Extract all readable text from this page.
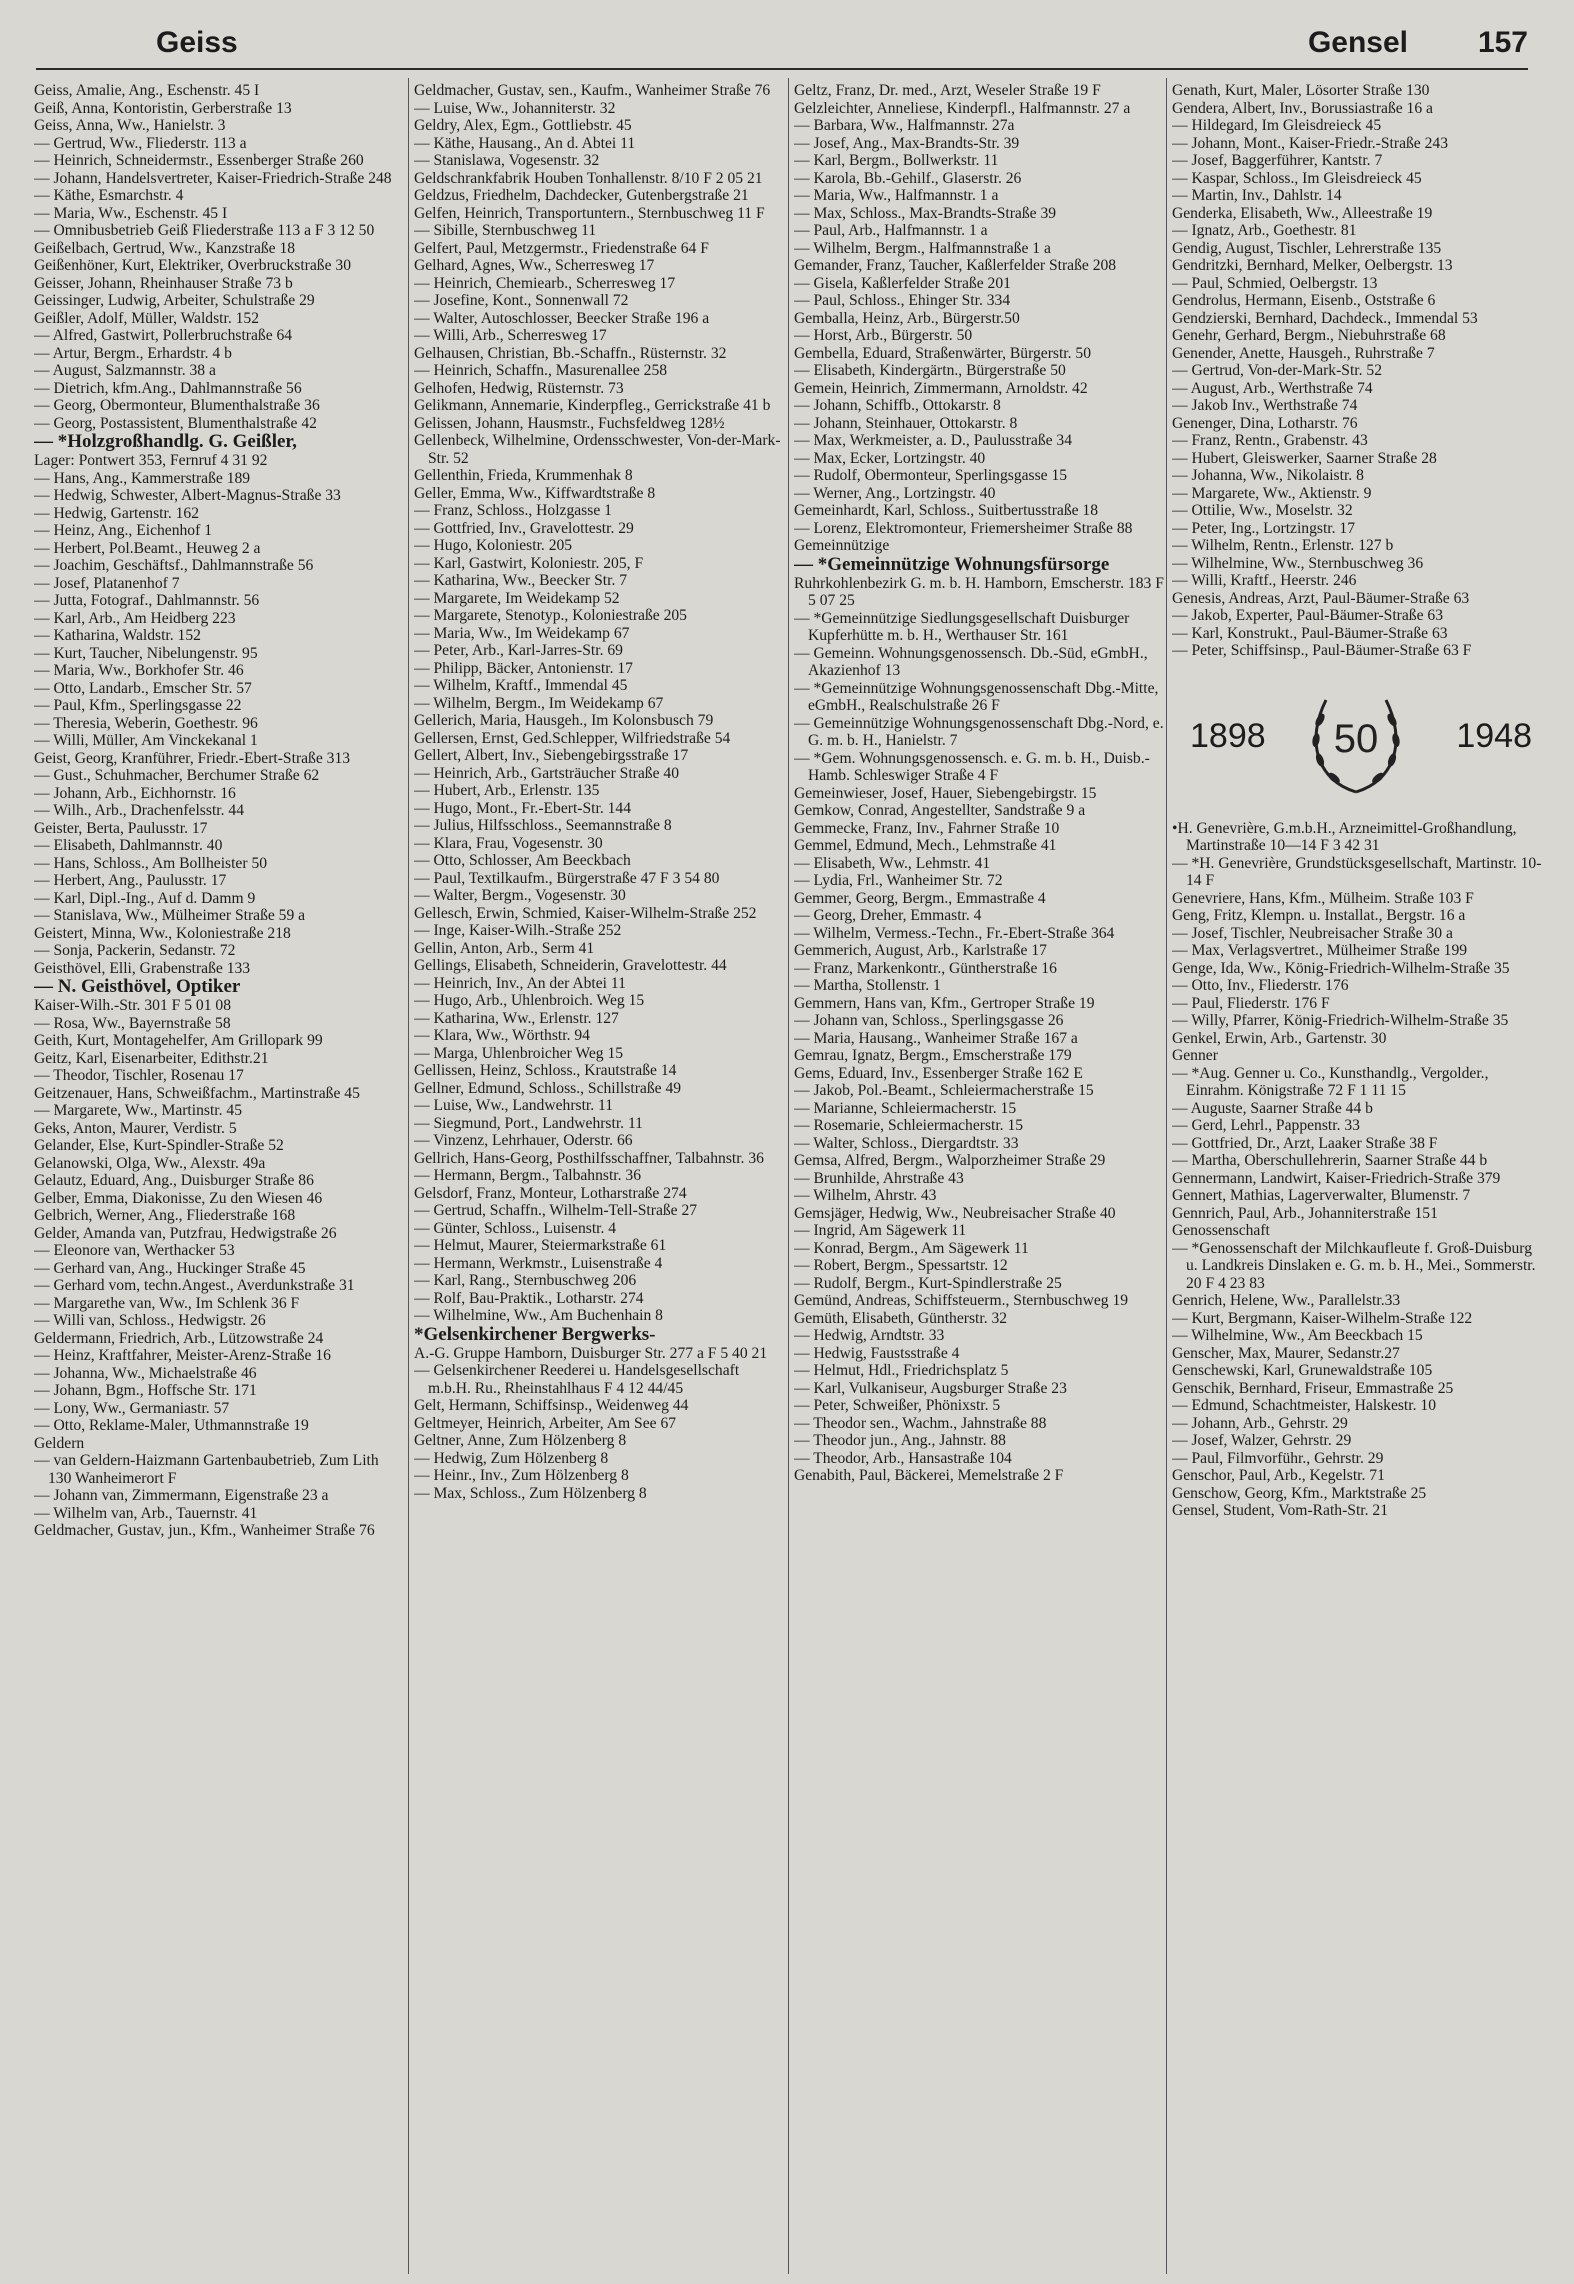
Geiss	Gensel 157

Geiss, Amalie, Ang., Eschenstr. 45 I

Geiß, Anna, Kontoristin, Gerberstraße 13

Geiss, Anna, Ww., Hanielstr. 3

— Gertrud, Ww., Fliederstr. 113 a

— Heinrich, Schneidermstr., Essenberger Straße 260

— Johann, Handelsvertreter, Kaiser-Friedrich-Straße 248

— Käthe, Esmarchstr. 4

— Maria, Ww., Eschenstr. 45 I

— Omnibusbetrieb Geiß Fliederstraße 113 a F 3 12 50

Geißelbach, Gertrud, Ww., Kanzstraße 18

Geißenhöner, Kurt, Elektriker, Overbruckstraße 30

Geisser, Johann, Rheinhauser Straße 73 b

Geissinger, Ludwig, Arbeiter, Schulstraße 29

Geißler, Adolf, Müller, Waldstr. 152

— Alfred, Gastwirt, Pollerbruchstraße 64

— Artur, Bergm., Erhardstr. 4 b

— August, Salzmannstr. 38 a

— Dietrich, kfm.Ang., Dahlmannstraße 56

— Georg, Obermonteur, Blumenthalstraße 36

— Georg, Postassistent, Blumenthalstraße 42

— *Holzgroßhandlg. G. Geißler,

Lager: Pontwert 353, Fernruf 4 31 92

— Hans, Ang., Kammerstraße 189

— Hedwig, Schwester, Albert-Magnus-Straße 33

— Hedwig, Gartenstr. 162

— Heinz, Ang., Eichenhof 1

— Herbert, Pol.Beamt., Heuweg 2 a

— Joachim, Geschäftsf., Dahlmannstraße 56

— Josef, Platanenhof 7

— Jutta, Fotograf., Dahlmannstr. 56

— Karl, Arb., Am Heidberg 223

— Katharina, Waldstr. 152

— Kurt, Taucher, Nibelungenstr. 95

— Maria, Ww., Borkhofer Str. 46

— Otto, Landarb., Emscher Str. 57

— Paul, Kfm., Sperlingsgasse 22

— Theresia, Weberin, Goethestr. 96

— Willi, Müller, Am Vinckekanal 1

Geist, Georg, Kranführer, Friedr.-Ebert-Straße 313

— Gust., Schuhmacher, Berchumer Straße 62

— Johann, Arb., Eichhornstr. 16

— Wilh., Arb., Drachenfelsstr. 44

Geister, Berta, Paulusstr. 17

— Elisabeth, Dahlmannstr. 40

— Hans, Schloss., Am Bollheister 50

— Herbert, Ang., Paulusstr. 17

— Karl, Dipl.-Ing., Auf d. Damm 9

— Stanislava, Ww., Mülheimer Straße 59 a

Geistert, Minna, Ww., Koloniestraße 218

— Sonja, Packerin, Sedanstr. 72

Geisthövel, Elli, Grabenstraße 133

— N. Geisthövel, Optiker

Kaiser-Wilh.-Str. 301 F 5 01 08

— Rosa, Ww., Bayernstraße 58

Geith, Kurt, Montagehelfer, Am Grillopark 99

Geitz, Karl, Eisenarbeiter, Edithstr.21

— Theodor, Tischler, Rosenau 17

Geitzenauer, Hans, Schweißfachm., Martinstraße 45

— Margarete, Ww., Martinstr. 45

Geks, Anton, Maurer, Verdistr. 5

Gelander, Else, Kurt-Spindler-Straße 52

Gelanowski, Olga, Ww., Alexstr. 49a

Gelautz, Eduard, Ang., Duisburger Straße 86

Gelber, Emma, Diakonisse, Zu den Wiesen 46

Gelbrich, Werner, Ang., Fliederstraße 168

Gelder, Amanda van, Putzfrau, Hedwigstraße 26

— Eleonore van, Werthacker 53

— Gerhard van, Ang., Huckinger Straße 45

— Gerhard vom, techn.Angest., Averdunkstraße 31

— Margarethe van, Ww., Im Schlenk 36 F

— Willi van, Schloss., Hedwigstr. 26

Geldermann, Friedrich, Arb., Lützowstraße 24

— Heinz, Kraftfahrer, Meister-Arenz-Straße 16

— Johanna, Ww., Michaelstraße 46

— Johann, Bgm., Hoffsche Str. 171

— Lony, Ww., Germaniastr. 57

— Otto, Reklame-Maler, Uthmannstraße 19

Geldern

— van Geldern-Haizmann Gartenbaubetrieb, Zum Lith 130 Wanheimerort F

— Johann van, Zimmermann, Eigenstraße 23 a

— Wilhelm van, Arb., Tauernstr. 41

Geldmacher, Gustav, jun., Kfm., Wanheimer Straße 76

Geldmacher, Gustav, sen., Kaufm., Wanheimer Straße 76

— Luise, Ww., Johanniterstr. 32

Geldry, Alex, Egm., Gottliebstr. 45

— Käthe, Hausang., An d. Abtei 11

— Stanislawa, Vogesenstr. 32

Geldschrankfabrik Houben Tonhallenstr. 8/10 F 2 05 21

Geldzus, Friedhelm, Dachdecker, Gutenbergstraße 21

Gelfen, Heinrich, Transportuntern., Sternbuschweg 11 F

— Sibille, Sternbuschweg 11

Gelfert, Paul, Metzgermstr., Friedenstraße 64 F

Gelhard, Agnes, Ww., Scherresweg 17

— Heinrich, Chemiearb., Scherresweg 17

— Josefine, Kont., Sonnenwall 72

— Walter, Autoschlosser, Beecker Straße 196 a

— Willi, Arb., Scherresweg 17

Gelhausen, Christian, Bb.-Schaffn., Rüsternstr. 32

— Heinrich, Schaffn., Masurenallee 258

Gelhofen, Hedwig, Rüsternstr. 73

Gelikmann, Annemarie, Kinderpfleg., Gerrickstraße 41 b

Gelissen, Johann, Hausmstr., Fuchsfeldweg 128½

Gellenbeck, Wilhelmine, Ordensschwester, Von-der-Mark-Str. 52

Gellenthin, Frieda, Krummenhak 8

Geller, Emma, Ww., Kiffwardtstraße 8

— Franz, Schloss., Holzgasse 1

— Gottfried, Inv., Gravelottestr. 29

— Hugo, Koloniestr. 205

— Karl, Gastwirt, Koloniestr. 205, F

— Katharina, Ww., Beecker Str. 7

— Margarete, Im Weidekamp 52

— Margarete, Stenotyp., Koloniestraße 205

— Maria, Ww., Im Weidekamp 67

— Peter, Arb., Karl-Jarres-Str. 69

— Philipp, Bäcker, Antonienstr. 17

— Wilhelm, Kraftf., Immendal 45

— Wilhelm, Bergm., Im Weidekamp 67

Gellerich, Maria, Hausgeh., Im Kolonsbusch 79

Gellersen, Ernst, Ged.Schlepper, Wilfriedstraße 54

Gellert, Albert, Inv., Siebengebirgsstraße 17

— Heinrich, Arb., Gartsträucher Straße 40

— Hubert, Arb., Erlenstr. 135

— Hugo, Mont., Fr.-Ebert-Str. 144

— Julius, Hilfsschloss., Seemannstraße 8

— Klara, Frau, Vogesenstr. 30

— Otto, Schlosser, Am Beeckbach

— Paul, Textilkaufm., Bürgerstraße 47 F 3 54 80

— Walter, Bergm., Vogesenstr. 30

Gellesch, Erwin, Schmied, Kaiser-Wilhelm-Straße 252

— Inge, Kaiser-Wilh.-Straße 252

Gellin, Anton, Arb., Serm 41

Gellings, Elisabeth, Schneiderin, Gravelottestr. 44

— Heinrich, Inv., An der Abtei 11

— Hugo, Arb., Uhlenbroich. Weg 15

— Katharina, Ww., Erlenstr. 127

— Klara, Ww., Wörthstr. 94

— Marga, Uhlenbroicher Weg 15

Gellissen, Heinz, Schloss., Krautstraße 14

Gellner, Edmund, Schloss., Schillstraße 49

— Luise, Ww., Landwehrstr. 11

— Siegmund, Port., Landwehrstr. 11

— Vinzenz, Lehrhauer, Oderstr. 66

Gellrich, Hans-Georg, Posthilfsschaffner, Talbahnstr. 36

— Hermann, Bergm., Talbahnstr. 36

Gelsdorf, Franz, Monteur, Lotharstraße 274

— Gertrud, Schaffn., Wilhelm-Tell-Straße 27

— Günter, Schloss., Luisenstr. 4

— Helmut, Maurer, Steiermarkstraße 61

— Hermann, Werkmstr., Luisenstraße 4

— Karl, Rang., Sternbuschweg 206

— Rolf, Bau-Praktik., Lotharstr. 274

— Wilhelmine, Ww., Am Buchenhain 8

*Gelsenkirchener Bergwerks-

A.-G. Gruppe Hamborn, Duisburger Str. 277 a F 5 40 21

— Gelsenkirchener Reederei u. Handelsgesellschaft m.b.H. Ru., Rheinstahlhaus F 4 12 44/45

Gelt, Hermann, Schiffsinsp., Weidenweg 44

Geltmeyer, Heinrich, Arbeiter, Am See 67

Geltner, Anne, Zum Hölzenberg 8

— Hedwig, Zum Hölzenberg 8

— Heinr., Inv., Zum Hölzenberg 8

— Max, Schloss., Zum Hölzenberg 8

Geltz, Franz, Dr. med., Arzt, Weseler Straße 19 F

Gelzleichter, Anneliese, Kinderpfl., Halfmannstr. 27 a

— Barbara, Ww., Halfmannstr. 27a

— Josef, Ang., Max-Brandts-Str. 39

— Karl, Bergm., Bollwerkstr. 11

— Karola, Bb.-Gehilf., Glaserstr. 26

— Maria, Ww., Halfmannstr. 1 a

— Max, Schloss., Max-Brandts-Straße 39

— Paul, Arb., Halfmannstr. 1 a

— Wilhelm, Bergm., Halfmannstraße 1 a

Gemander, Franz, Taucher, Kaßlerfelder Straße 208

— Gisela, Kaßlerfelder Straße 201

— Paul, Schloss., Ehinger Str. 334

Gemballa, Heinz, Arb., Bürgerstr.50

— Horst, Arb., Bürgerstr. 50

Gembella, Eduard, Straßenwärter, Bürgerstr. 50

— Elisabeth, Kindergärtn., Bürgerstraße 50

Gemein, Heinrich, Zimmermann, Arnoldstr. 42

— Johann, Schiffb., Ottokarstr. 8

— Johann, Steinhauer, Ottokarstr. 8

— Max, Werkmeister, a. D., Paulusstraße 34

— Max, Ecker, Lortzingstr. 40

— Rudolf, Obermonteur, Sperlingsgasse 15

— Werner, Ang., Lortzingstr. 40

Gemeinhardt, Karl, Schloss., Suitbertusstraße 18

— Lorenz, Elektromonteur, Friemersheimer Straße 88

Gemeinnützige

— *Gemeinnützige Wohnungsfürsorge

Ruhrkohlenbezirk G. m. b. H. Hamborn, Emscherstr. 183 F 5 07 25

— *Gemeinnützige Siedlungsgesellschaft Duisburger Kupferhütte m. b. H., Werthauser Str. 161

— Gemeinn. Wohnungsgenossensch. Db.-Süd, eGmbH., Akazienhof 13

— *Gemeinnützige Wohnungsgenossenschaft Dbg.-Mitte, eGmbH., Realschulstraße 26 F

— Gemeinnützige Wohnungsgenossenschaft Dbg.-Nord, e. G. m. b. H., Hanielstr. 7

— *Gem. Wohnungsgenossensch. e. G. m. b. H., Duisb.-Hamb. Schleswiger Straße 4 F

Gemeinwieser, Josef, Hauer, Siebengebirgstr. 15

Gemkow, Conrad, Angestellter, Sandstraße 9 a

Gemmecke, Franz, Inv., Fahrner Straße 10

Gemmel, Edmund, Mech., Lehmstraße 41

— Elisabeth, Ww., Lehmstr. 41

— Lydia, Frl., Wanheimer Str. 72

Gemmer, Georg, Bergm., Emmastraße 4

— Georg, Dreher, Emmastr. 4

— Wilhelm, Vermess.-Techn., Fr.-Ebert-Straße 364

Gemmerich, August, Arb., Karlstraße 17

— Franz, Markenkontr., Güntherstraße 16

— Martha, Stollenstr. 1

Gemmern, Hans van, Kfm., Gertroper Straße 19

— Johann van, Schloss., Sperlingsgasse 26

— Maria, Hausang., Wanheimer Straße 167 a

Gemrau, Ignatz, Bergm., Emscherstraße 179

Gems, Eduard, Inv., Essenberger Straße 162 E

— Jakob, Pol.-Beamt., Schleiermacherstraße 15

— Marianne, Schleiermacherstr. 15

— Rosemarie, Schleiermacherstr. 15

— Walter, Schloss., Diergardtstr. 33

Gemsa, Alfred, Bergm., Walporzheimer Straße 29

— Brunhilde, Ahrstraße 43

— Wilhelm, Ahrstr. 43

Gemsjäger, Hedwig, Ww., Neubreisacher Straße 40

— Ingrid, Am Sägewerk 11

— Konrad, Bergm., Am Sägewerk 11

— Robert, Bergm., Spessartstr. 12

— Rudolf, Bergm., Kurt-Spindlerstraße 25

Gemünd, Andreas, Schiffsteuerm., Sternbuschweg 19

Gemüth, Elisabeth, Güntherstr. 32

— Hedwig, Arndtstr. 33

— Hedwig, Faustsstraße 4

— Helmut, Hdl., Friedrichsplatz 5

— Karl, Vulkaniseur, Augsburger Straße 23

— Peter, Schweißer, Phönixstr. 5

— Theodor sen., Wachm., Jahnstraße 88

— Theodor jun., Ang., Jahnstr. 88

— Theodor, Arb., Hansastraße 104

Genabith, Paul, Bäckerei, Memelstraße 2 F

Genath, Kurt, Maler, Lösorter Straße 130

Gendera, Albert, Inv., Borussiastraße 16 a

— Hildegard, Im Gleisdreieck 45

— Johann, Mont., Kaiser-Friedr.-Straße 243

— Josef, Baggerführer, Kantstr. 7

— Kaspar, Schloss., Im Gleisdreieck 45

— Martin, Inv., Dahlstr. 14

Genderka, Elisabeth, Ww., Alleestraße 19

— Ignatz, Arb., Goethestr. 81

Gendig, August, Tischler, Lehrerstraße 135

Gendritzki, Bernhard, Melker, Oelbergstr. 13

— Paul, Schmied, Oelbergstr. 13

Gendrolus, Hermann, Eisenb., Oststraße 6

Gendzierski, Bernhard, Dachdeck., Immendal 53

Genehr, Gerhard, Bergm., Niebuhrstraße 68

Genender, Anette, Hausgeh., Ruhrstraße 7

— Gertrud, Von-der-Mark-Str. 52

— August, Arb., Werthstraße 74

— Jakob Inv., Werthstraße 74

Genenger, Dina, Lotharstr. 76

— Franz, Rentn., Grabenstr. 43

— Hubert, Gleiswerker, Saarner Straße 28

— Johanna, Ww., Nikolaistr. 8

— Margarete, Ww., Aktienstr. 9

— Ottilie, Ww., Moselstr. 32

— Peter, Ing., Lortzingstr. 17

— Wilhelm, Rentn., Erlenstr. 127 b

— Wilhelmine, Ww., Sternbuschweg 36

— Willi, Kraftf., Heerstr. 246

Genesis, Andreas, Arzt, Paul-Bäumer-Straße 63

— Jakob, Experter, Paul-Bäumer-Straße 63

— Karl, Konstrukt., Paul-Bäumer-Straße 63

— Peter, Schiffsinsp., Paul-Bäumer-Straße 63 F

1898 50 1948

•H. Genevrière, G.m.b.H., Arzneimittel-Großhandlung, Martinstraße 10—14 F 3 42 31

— *H. Genevrière, Grundstücksgesellschaft, Martinstr. 10-14 F

Genevriere, Hans, Kfm., Mülheim. Straße 103 F

Geng, Fritz, Klempn. u. Installat., Bergstr. 16 a

— Josef, Tischler, Neubreisacher Straße 30 a

— Max, Verlagsvertret., Mülheimer Straße 199

Genge, Ida, Ww., König-Friedrich-Wilhelm-Straße 35

— Otto, Inv., Fliederstr. 176

— Paul, Fliederstr. 176 F

— Willy, Pfarrer, König-Friedrich-Wilhelm-Straße 35

Genkel, Erwin, Arb., Gartenstr. 30

Genner

— *Aug. Genner u. Co., Kunsthandlg., Vergolder., Einrahm. Königstraße 72 F 1 11 15

— Auguste, Saarner Straße 44 b

— Gerd, Lehrl., Pappenstr. 33

— Gottfried, Dr., Arzt, Laaker Straße 38 F

— Martha, Oberschullehrerin, Saarner Straße 44 b

Gennermann, Landwirt, Kaiser-Friedrich-Straße 379

Gennert, Mathias, Lagerverwalter, Blumenstr. 7

Gennrich, Paul, Arb., Johanniterstraße 151

Genossenschaft

— *Genossenschaft der Milchkaufleute f. Groß-Duisburg u. Landkreis Dinslaken e. G. m. b. H., Mei., Sommerstr. 20 F 4 23 83

Genrich, Helene, Ww., Parallelstr.33

— Kurt, Bergmann, Kaiser-Wilhelm-Straße 122

— Wilhelmine, Ww., Am Beeckbach 15

Genscher, Max, Maurer, Sedanstr.27

Genschewski, Karl, Grunewaldstraße 105

Genschik, Bernhard, Friseur, Emmastraße 25

— Edmund, Schachtmeister, Halskestr. 10

— Johann, Arb., Gehrstr. 29

— Josef, Walzer, Gehrstr. 29

— Paul, Filmvorführ., Gehrstr. 29

Genschor, Paul, Arb., Kegelstr. 71

Genschow, Georg, Kfm., Marktstraße 25

Gensel, Student, Vom-Rath-Str. 21
